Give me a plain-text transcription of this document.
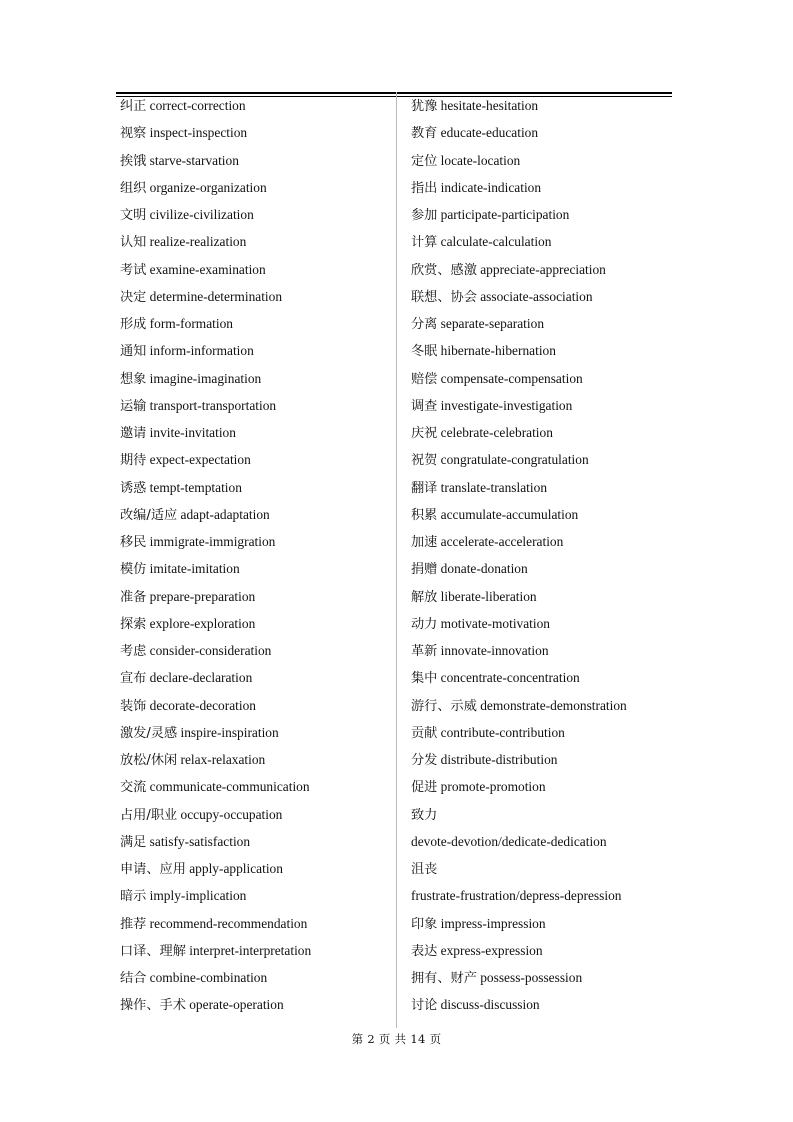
纠正 correct-correction
视察 inspect-inspection
挨饿 starve-starvation
组织 organize-organization
文明 civilize-civilization
认知 realize-realization
考试 examine-examination
决定 determine-determination
形成 form-formation
通知 inform-information
想象 imagine-imagination
运输 transport-transportation
邀请 invite-invitation
期待 expect-expectation
诱惑 tempt-temptation
改编/适应 adapt-adaptation
移民 immigrate-immigration
模仿 imitate-imitation
准备 prepare-preparation
探索 explore-exploration
考虑 consider-consideration
宣布 declare-declaration
装饰 decorate-decoration
激发/灵感 inspire-inspiration
放松/休闲 relax-relaxation
交流 communicate-communication
占用/职业 occupy-occupation
满足 satisfy-satisfaction
申请、应用 apply-application
暗示 imply-implication
推荐 recommend-recommendation
口译、理解 interpret-interpretation
结合 combine-combination
操作、手术 operate-operation
犹豫 hesitate-hesitation
教育 educate-education
定位 locate-location
指出 indicate-indication
参加 participate-participation
计算 calculate-calculation
欣赏、感激 appreciate-appreciation
联想、协会 associate-association
分离 separate-separation
冬眠 hibernate-hibernation
赔偿 compensate-compensation
调查 investigate-investigation
庆祝 celebrate-celebration
祝贺 congratulate-congratulation
翻译 translate-translation
积累 accumulate-accumulation
加速 accelerate-acceleration
捐赠 donate-donation
解放 liberate-liberation
动力 motivate-motivation
革新 innovate-innovation
集中 concentrate-concentration
游行、示威 demonstrate-demonstration
贡献 contribute-contribution
分发 distribute-distribution
促进 promote-promotion
致力
devote-devotion/dedicate-dedication
沮丧
frustrate-frustration/depress-depression
印象 impress-impression
表达 express-expression
拥有、财产 possess-possession
讨论 discuss-discussion
第 2 页 共 14 页
